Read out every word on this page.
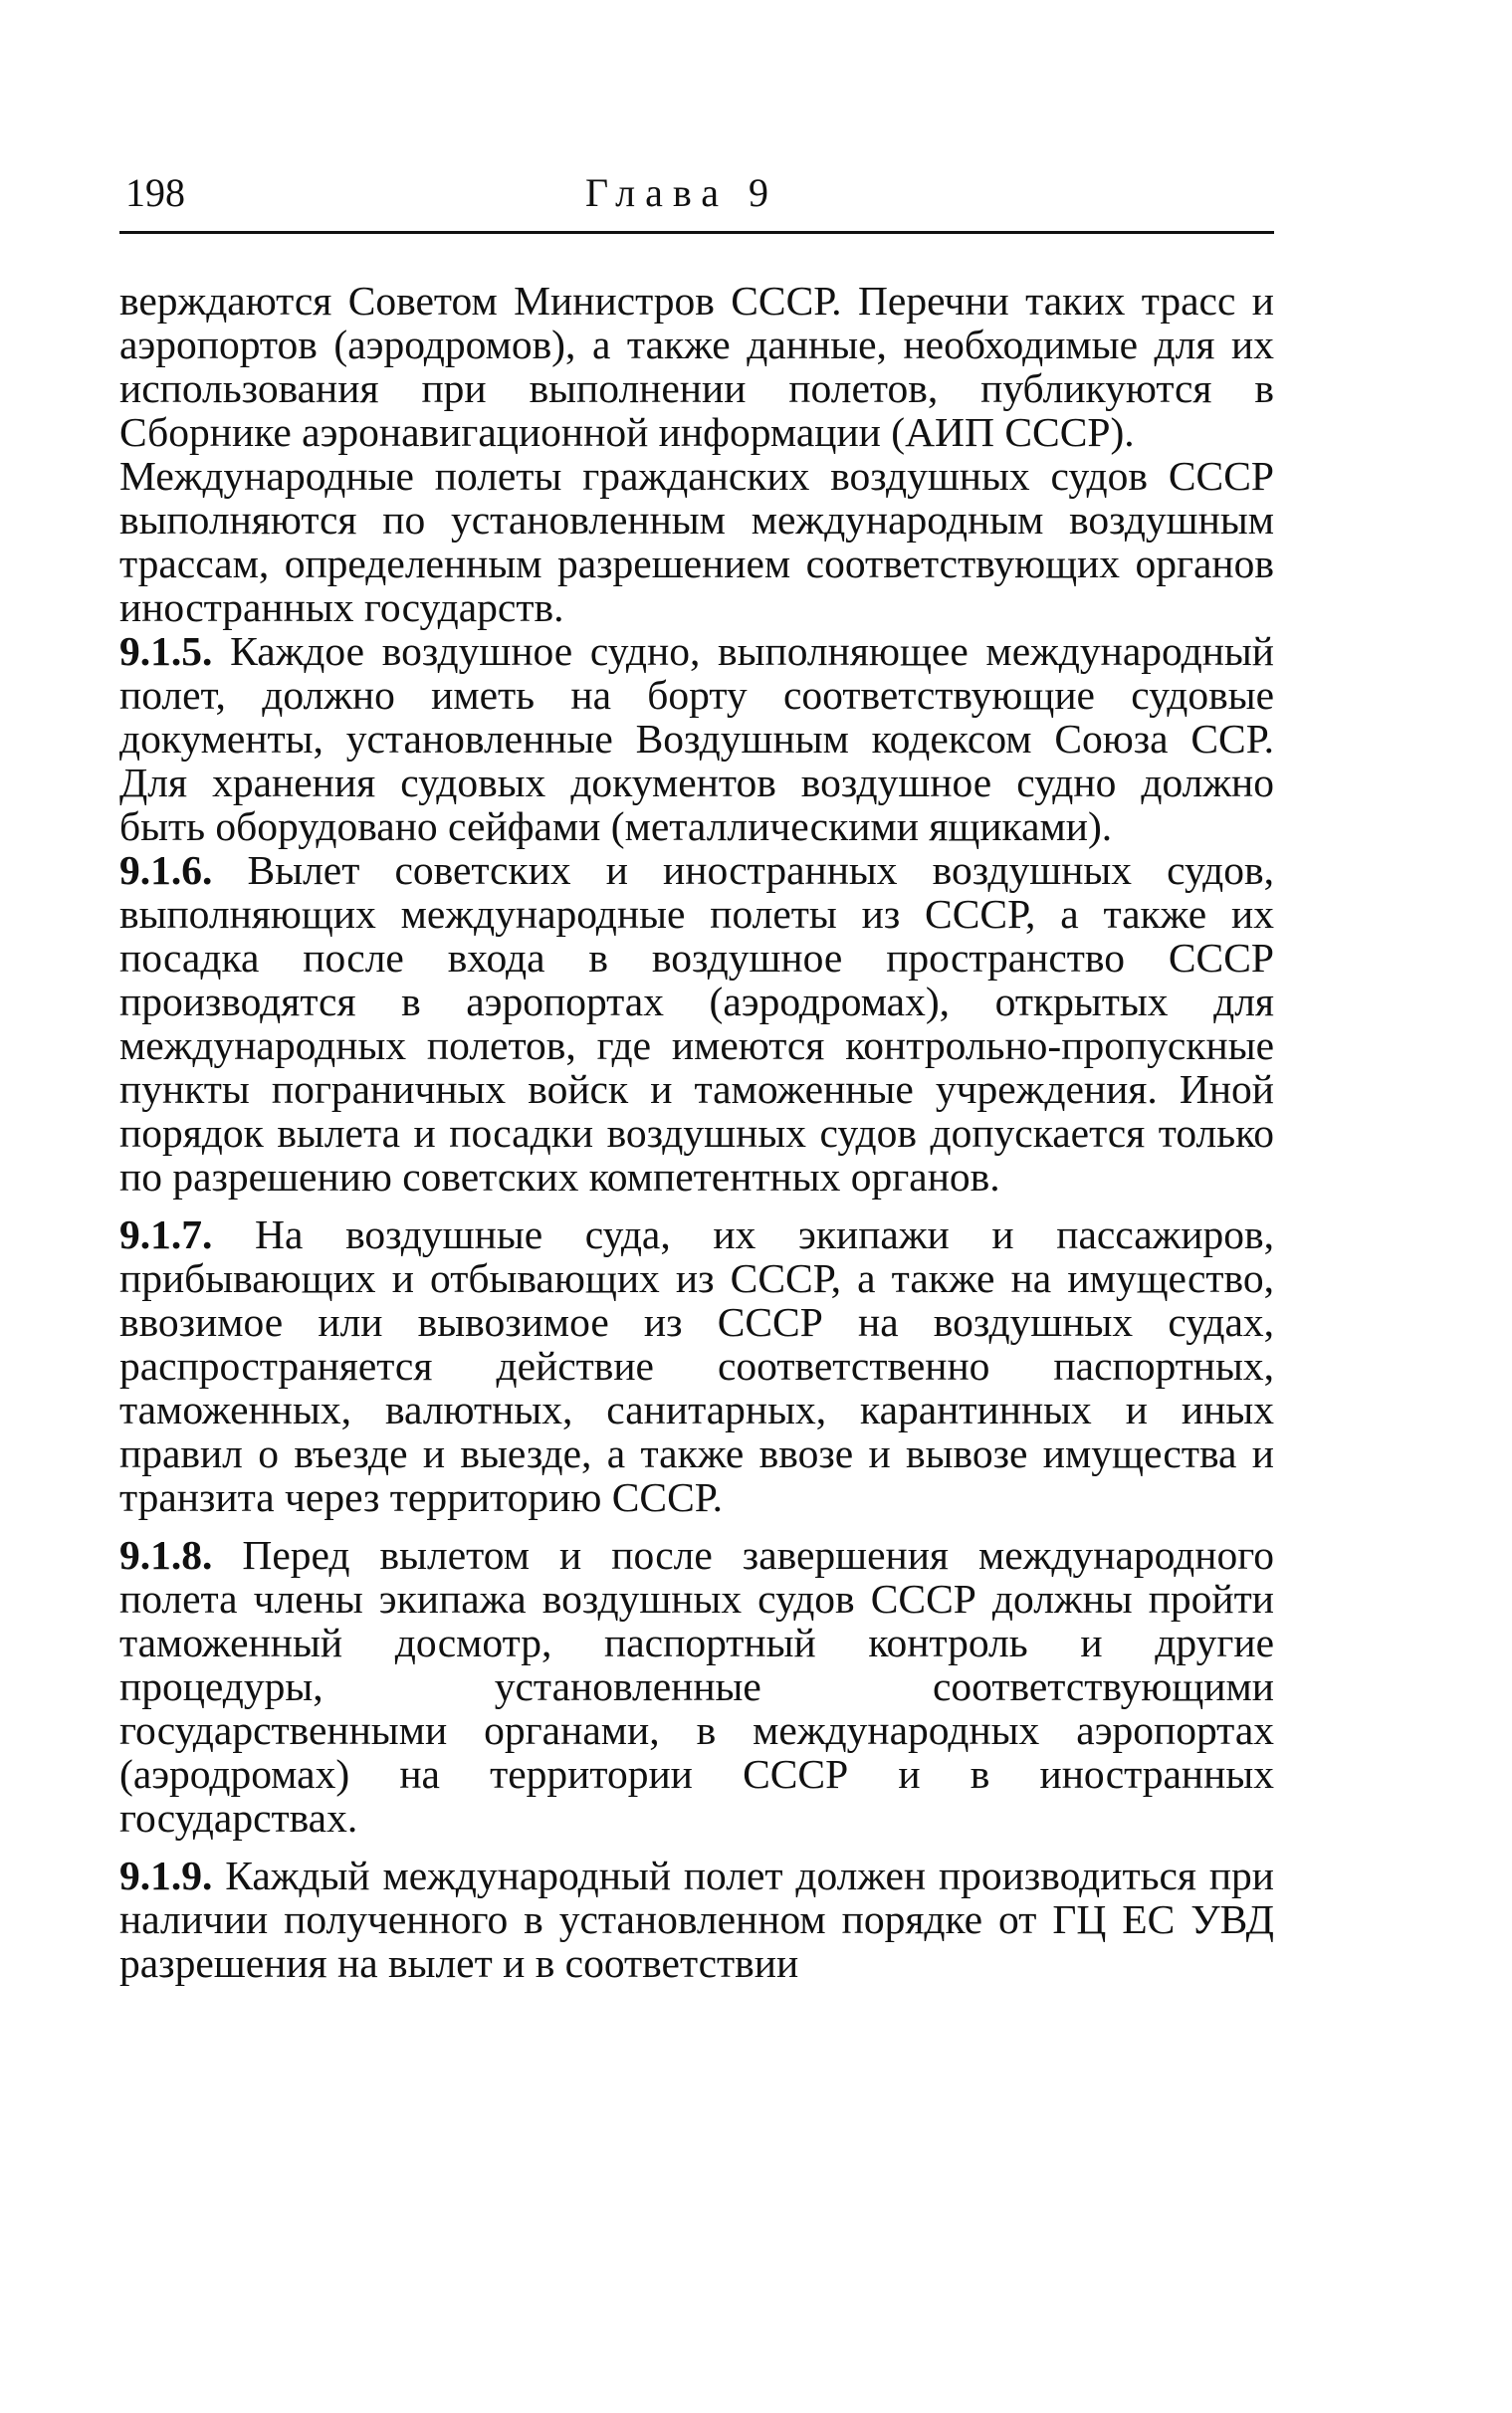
198	Глава 9

верждаются Советом Министров СССР. Перечни таких трасс и аэропортов (аэродромов), а также данные, необходимые для их использования при выполнении полетов, публикуются в Сборнике аэронавигационной информации (АИП СССР).

Международные полеты гражданских воздушных судов СССР выполняются по установленным международным воздушным трассам, определенным разрешением соответствующих органов иностранных государств.

9.1.5. Каждое воздушное судно, выполняющее международный полет, должно иметь на борту соответствующие судовые документы, установленные Воздушным кодексом Союза ССР. Для хранения судовых документов воздушное судно должно быть оборудовано сейфами (металлическими ящиками).

9.1.6. Вылет советских и иностранных воздушных судов, выполняющих международные полеты из СССР, а также их посадка после входа в воздушное пространство СССР производятся в аэропортах (аэродромах), открытых для международных полетов, где имеются контрольно-пропускные пункты пограничных войск и таможенные учреждения. Иной порядок вылета и посадки воздушных судов допускается только по разрешению советских компетентных органов.

9.1.7. На воздушные суда, их экипажи и пассажиров, прибывающих и отбывающих из СССР, а также на имущество, ввозимое или вывозимое из СССР на воздушных судах, распространяется действие соответственно паспортных, таможенных, валютных, санитарных, карантинных и иных правил о въезде и выезде, а также ввозе и вывозе имущества и транзита через территорию СССР.

9.1.8. Перед вылетом и после завершения международного полета члены экипажа воздушных судов СССР должны пройти таможенный досмотр, паспортный контроль и другие процедуры, установленные соответствующими государственными органами, в международных аэропортах (аэродромах) на территории СССР и в иностранных государствах.

9.1.9. Каждый международный полет должен производиться при наличии полученного в установленном порядке от ГЦ ЕС УВД разрешения на вылет и в соответствии
